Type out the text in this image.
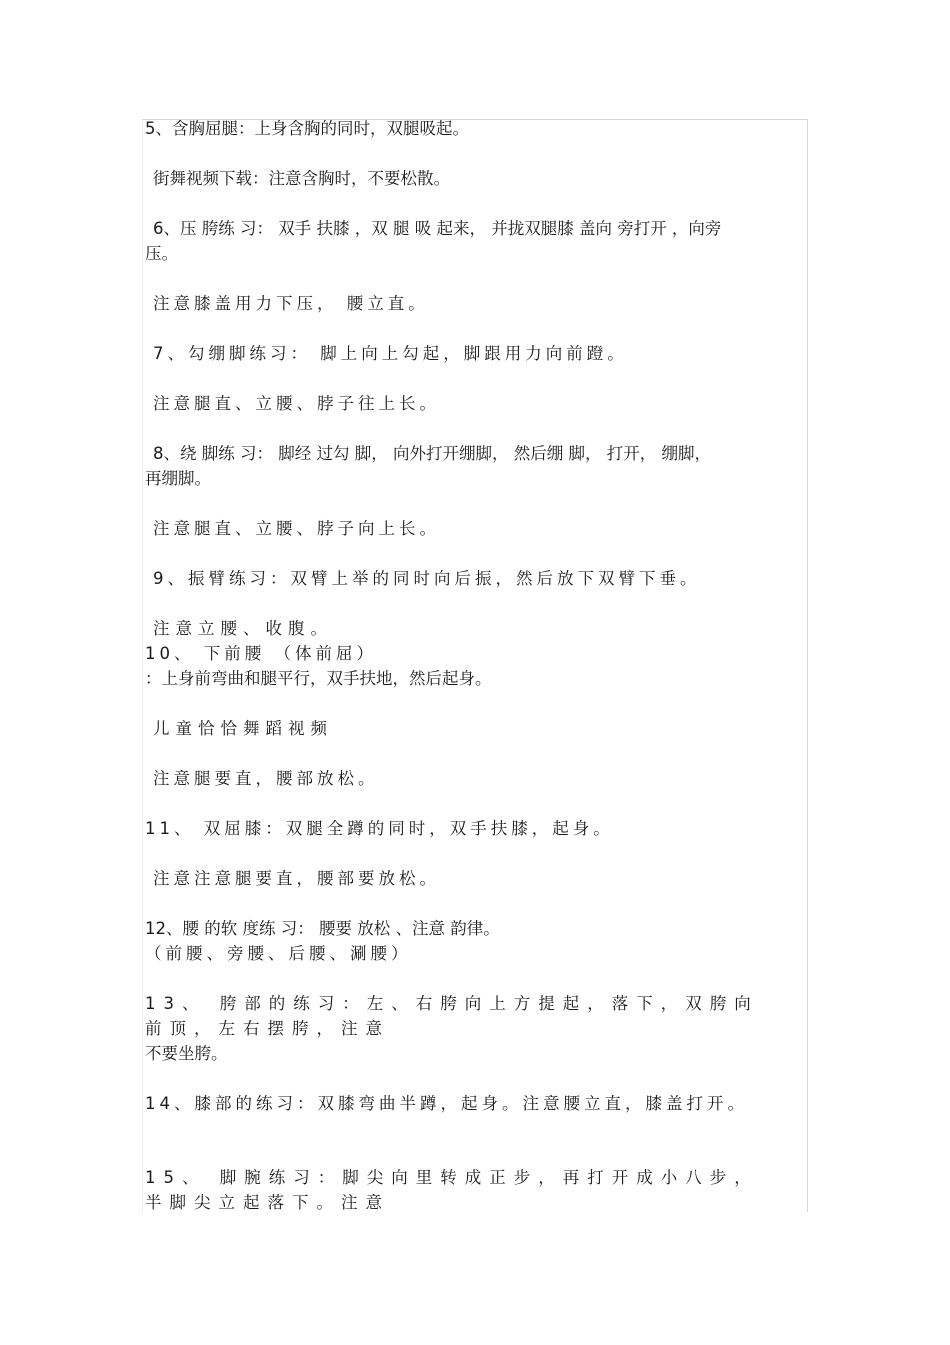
5、含胸屈腿：上身含胸的同时，双腿吸起。
街舞视频下载：注意含胸时，不要松散。
6、压 胯练 习： 双手 扶膝 ，双 腿 吸 起来， 并拢双腿膝 盖向 旁打开 ，向旁
压。
注意膝盖用力下压， 腰立直。
7、勾绷脚练习： 脚上向上勾起，脚跟用力向前蹬。
注意腿直、立腰、脖子往上长。
8、绕 脚练 习： 脚经 过勾 脚， 向外打开绷脚， 然后绷 脚， 打开， 绷脚，
再绷脚。
注意腿直、立腰、脖子向上长。
9、振臂练习：双臂上举的同时向后振，然后放下双臂下垂。
注意立腰、收腹。
10、 下前腰 （体前屈）
：上身前弯曲和腿平行，双手扶地，然后起身。
儿童恰恰舞蹈视频
注意腿要直，腰部放松。
11、 双屈膝：双腿全蹲的同时，双手扶膝，起身。
注意注意腿要直，腰部要放松。
12、腰 的软 度练 习： 腰要 放松 、注意 韵律。
（前腰、旁腰、后腰、涮腰）
13、 胯部的练习：左、右胯向上方提起，落下，双胯向
前顶，左右摆胯，注意
不要坐胯。
14、膝部的练习：双膝弯曲半蹲，起身。注意腰立直，膝盖打开。
15、 脚腕练习：脚尖向里转成正步，再打开成小八步，
半脚尖立起落下。注意
